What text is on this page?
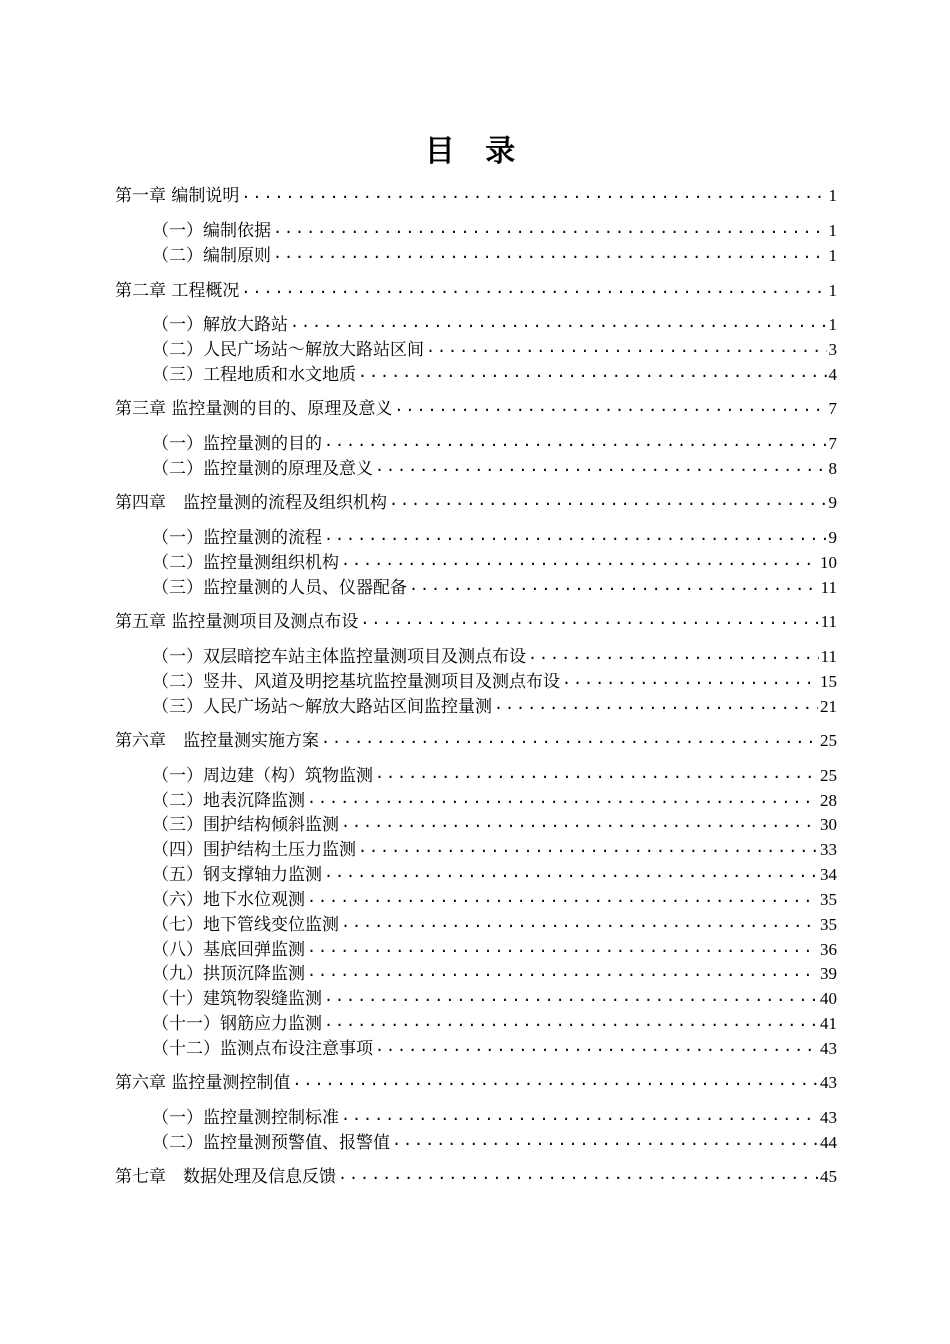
目 录
第一章 编制说明 .....	1
（一）编制依据 .....	1
（二）编制原则 .....	1
第二章 工程概况 .....	1
（一）解放大路站 .....	1
（二）人民广场站～解放大路站区间 .....	3
（三）工程地质和水文地质 .....	4
第三章 监控量测的目的、原理及意义 .....	7
（一）监控量测的目的 .....	7
（二）监控量测的原理及意义 .....	8
第四章　监控量测的流程及组织机构 .....	9
（一）监控量测的流程 .....	9
（二）监控量测组织机构 .....	10
（三）监控量测的人员、仪器配备 .....	11
第五章 监控量测项目及测点布设 .....	11
（一）双层暗挖车站主体监控量测项目及测点布设 .....	11
（二）竖井、风道及明挖基坑监控量测项目及测点布设 .....	15
（三）人民广场站～解放大路站区间监控量测 .....	21
第六章　监控量测实施方案 .....	25
（一）周边建（构）筑物监测 .....	25
（二）地表沉降监测 .....	28
（三）围护结构倾斜监测 .....	30
（四）围护结构土压力监测 .....	33
（五）钢支撑轴力监测 .....	34
（六）地下水位观测 .....	35
（七）地下管线变位监测 .....	35
（八）基底回弹监测 .....	36
（九）拱顶沉降监测 .....	39
（十）建筑物裂缝监测 .....	40
（十一）钢筋应力监测 .....	41
（十二）监测点布设注意事项 .....	43
第六章 监控量测控制值 .....	43
（一）监控量测控制标准 .....	43
（二）监控量测预警值、报警值 .....	44
第七章　数据处理及信息反馈 .....	45
